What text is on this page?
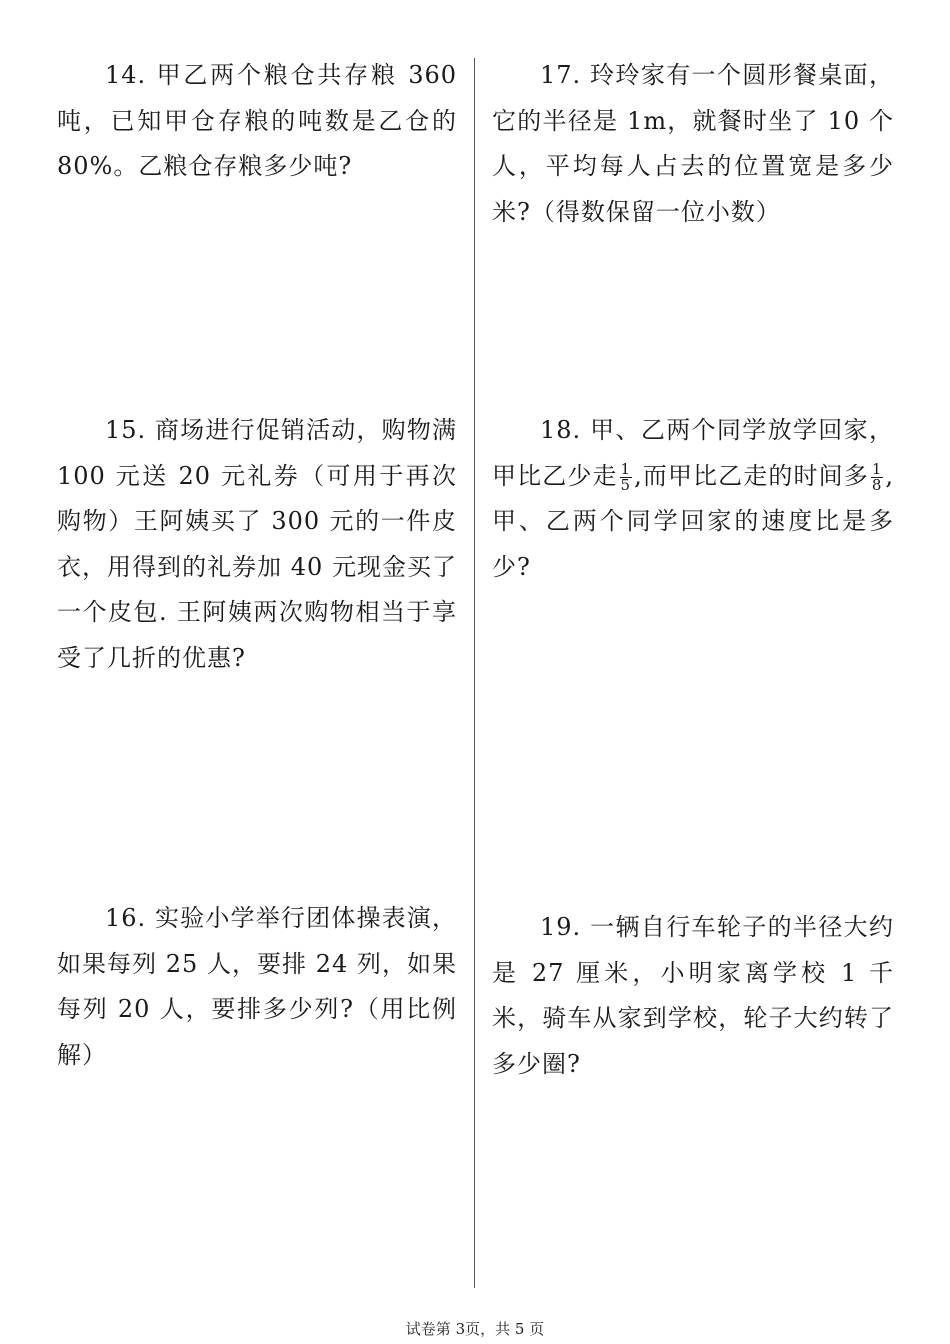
14. 甲乙两个粮仓共存粮 360 吨，已知甲仓存粮的吨数是乙仓的 80%。乙粮仓存粮多少吨?

15. 商场进行促销活动，购物满 100 元送 20 元礼券（可用于再次购物）王阿姨买了 300 元的一件皮衣，用得到的礼券加 40 元现金买了一个皮包. 王阿姨两次购物相当于享受了几折的优惠?

16. 实验小学举行团体操表演，如果每列 25 人，要排 24 列，如果每列 20 人，要排多少列?（用比例解）

17. 玲玲家有一个圆形餐桌面，它的半径是 1m，就餐时坐了 10 个人，平均每人占去的位置宽是多少米?（得数保留一位小数）

18. 甲、乙两个同学放学回家，甲比乙少走 $\frac{1}{5}$ ,而甲比乙走的时间多 $\frac{1}{8}$ ,甲、乙两个同学回家的速度比是多少?

19. 一辆自行车轮子的半径大约是 27 厘米，小明家离学校 1 千米，骑车从家到学校，轮子大约转了多少圈?

试卷第 3页，共 5 页
